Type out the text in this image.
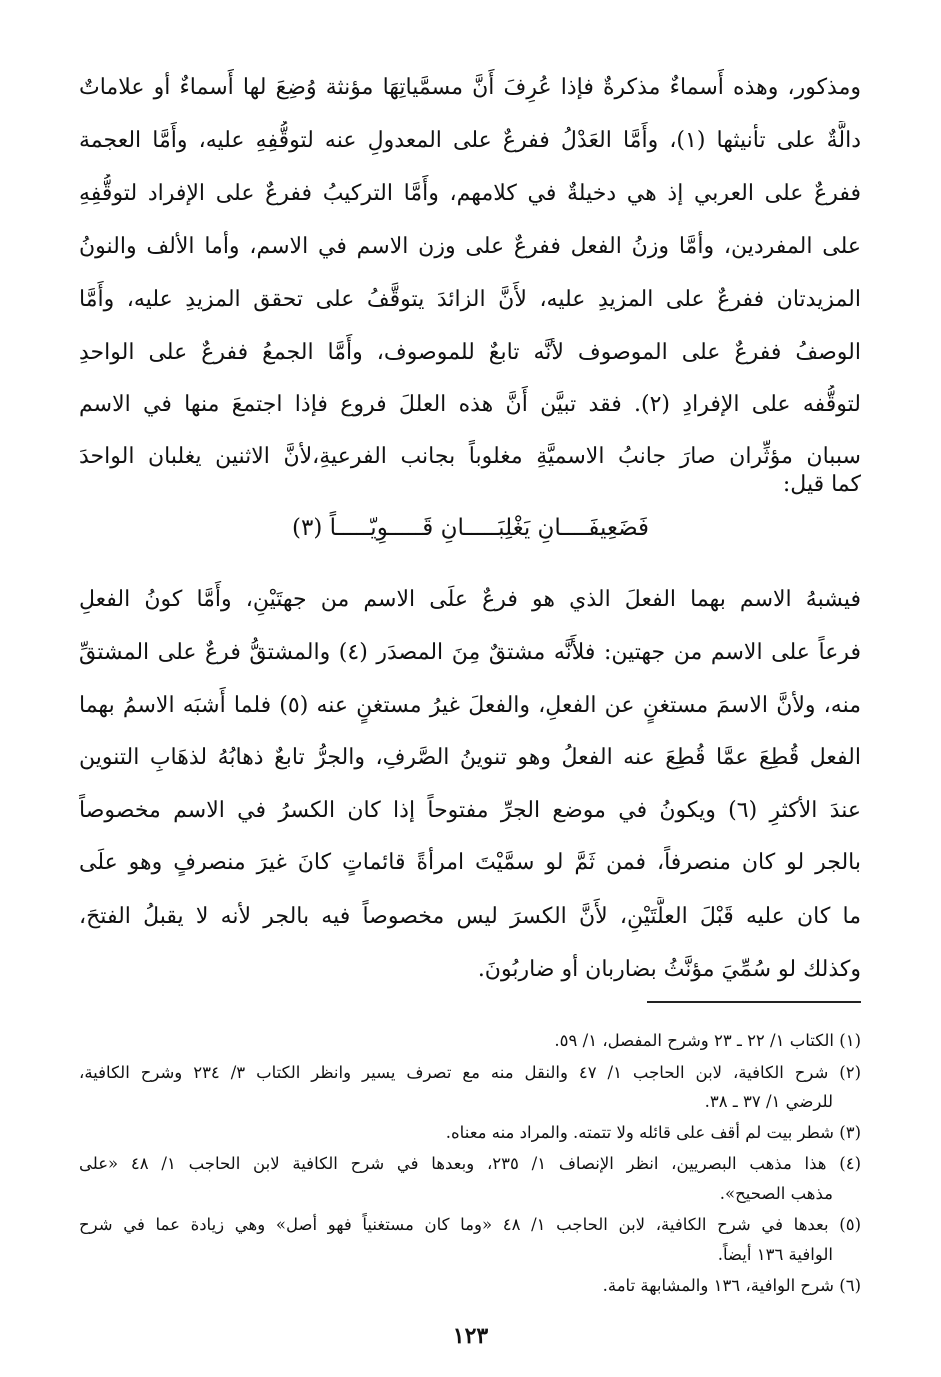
ومذكور، وهذه أَسماءٌ مذكرةٌ فإذا عُرِفَ أَنَّ مسمَّياتِهَا مؤنثة وُضِعَ لها أَسماءٌ أو علاماتٌ
دالَّةٌ على تأنيثها (١)، وأَمَّا العَدْلُ ففرعٌ على المعدولِ عنه لتوقُّفِهِ عليه، وأَمَّا العجمة
ففرعٌ على العربي إذ هي دخيلةٌ في كلامهم، وأَمَّا التركيبُ ففرعٌ على الإفراد لتوقُّفِهِ
على المفردين، وأمَّا وزنُ الفعل ففرعٌ على وزن الاسم في الاسم، وأما الألف والنونُ
المزيدتان ففرعٌ على المزيدِ عليه، لأَنَّ الزائدَ يتوقَّفُ على تحقق المزيدِ عليه، وأَمَّا
الوصفُ ففرعٌ على الموصوف لأنَّه تابعٌ للموصوف، وأَمَّا الجمعُ ففرعٌ على الواحدِ
لتوقُّفه على الإفرادِ (٢). فقد تبيَّن أَنَّ هذه العللَ فروع فإذا اجتمعَ منها في الاسم
سببان مؤثِّران صارَ جانبُ الاسميَّةِ مغلوباً بجانب الفرعيةِ،لأنَّ الاثنين يغلبان الواحدَ
كما قيل:
فَضَعِيفَــــانِ يَغْلِبَـــــانِ قَـــــوِيّـــــاً (٣)
فيشبهُ الاسم بهما الفعلَ الذي هو فرعٌ علَى الاسم من جهتَيْنِ، وأَمَّا كونُ الفعلِ
فرعاً على الاسم من جهتين: فلأَنَّه مشتقٌ مِنَ المصدَر (٤) والمشتقُّ فرعٌ على المشتقِّ
منه، ولأنَّ الاسمَ مستغنٍ عن الفعلِ، والفعلَ غيرُ مستغنٍ عنه (٥) فلما أَشبَه الاسمُ بهما
الفعل قُطِعَ عمَّا قُطِعَ عنه الفعلُ وهو تنوينُ الصَّرفِ، والجرُّ تابعٌ ذهابُهُ لذهَابِ التنوين
عندَ الأكثرِ (٦) ويكونُ في موضع الجرِّ مفتوحاً إذا كان الكسرُ في الاسم مخصوصاً
بالجر لو كان منصرفاً، فمن ثَمَّ لو سمَّيْتَ امرأةً قائماتٍ كانَ غيرَ منصرفٍ وهو علَى
ما كان عليه قَبْلَ العلَّتَيْنِ، لأَنَّ الكسرَ ليس مخصوصاً فيه بالجر لأنه لا يقبلُ الفتحَ،
وكذلك لو سُمِّيَ مؤنَّثُ بضاربان أو ضاربُونَ.
(١) الكتاب ١/ ٢٢ ـ ٢٣ وشرح المفصل، ١/ ٥٩.
(٢) شرح الكافية، لابن الحاجب ١/ ٤٧ والنقل منه مع تصرف يسير وانظر الكتاب ٣/ ٢٣٤ وشرح الكافية،
للرضي ١/ ٣٧ ـ ٣٨.
(٣) شطر بيت لم أقف على قائله ولا تتمته. والمراد منه معناه.
(٤) هذا مذهب البصريين، انظر الإنصاف ١/ ٢٣٥، وبعدها في شرح الكافية لابن الحاجب ١/ ٤٨ «على
مذهب الصحيح».
(٥) بعدها في شرح الكافية، لابن الحاجب ١/ ٤٨ «وما كان مستغنياً فهو أصل» وهي زيادة عما في شرح
الوافية ١٣٦ أيضاً.
(٦) شرح الوافية، ١٣٦ والمشابهة تامة.
١٢٣
